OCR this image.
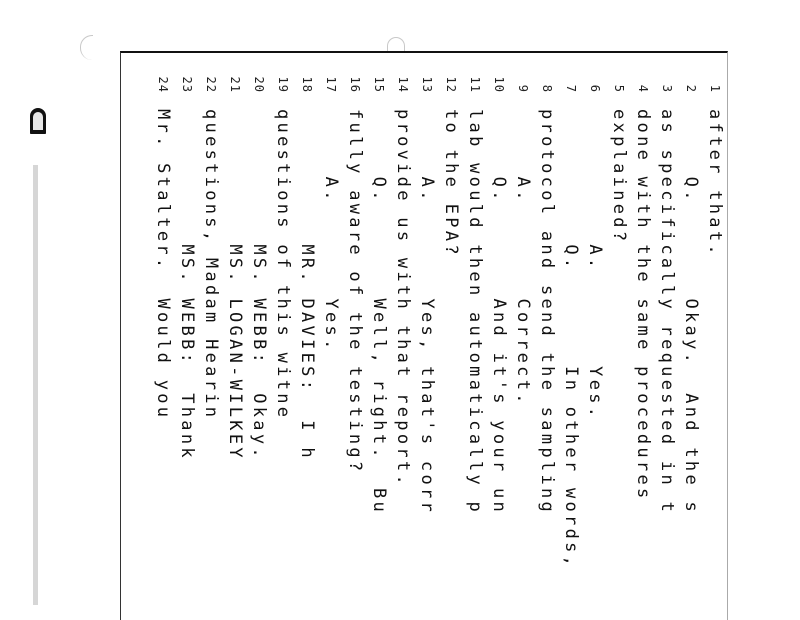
1
after that.
2
Q.       Okay.  And the s
3
as specifically requested in t
4
done with the same procedures
5
explained?
6
A.       Yes.
7
Q.       In other words,
8
protocol and send the sampling
9
A.       Correct.
10
Q.       And it's your un
11
lab would then automatically p
12
to the EPA?
13
A.       Yes, that's corr
14
provide us with that report.
15
Q.       Well, right.  Bu
16
fully aware of the testing?
17
A.       Yes.
18
MR. DAVIES:  I h
19
questions of this witne
20
MS. WEBB:  Okay.
21
MS. LOGAN-WILKEY
22
questions, Madam Hearin
23
MS. WEBB:  Thank
24
Mr. Stalter.  Would you
